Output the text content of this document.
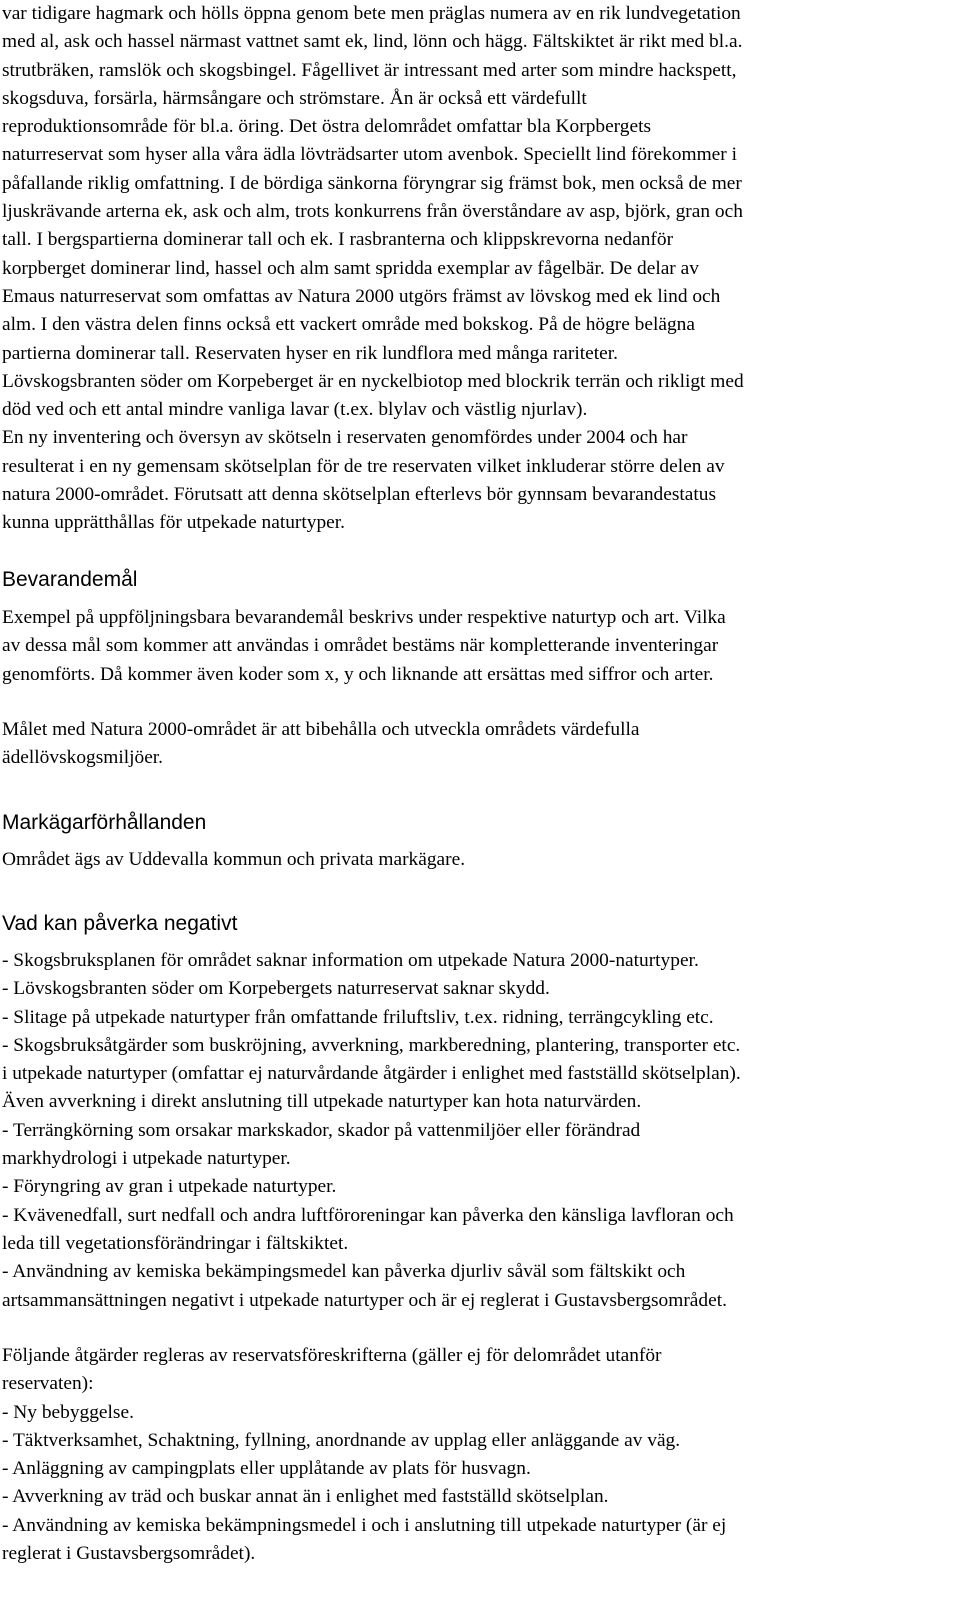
var tidigare hagmark och hölls öppna genom bete men präglas numera av en rik lundvegetation
med al, ask och hassel närmast vattnet samt ek, lind, lönn och hägg. Fältskiktet är rikt med bl.a.
strutbräken, ramslök och skogsbingel. Fågellivet är intressant med arter som mindre hackspett,
skogsduva, forsärla, härmsångare och strömstare. Ån är också ett värdefullt
reproduktionsområde för bl.a. öring. Det östra delområdet omfattar bla Korpbergets
naturreservat som hyser alla våra ädla lövträdsarter utom avenbok. Speciellt lind förekommer i
påfallande riklig omfattning. I de bördiga sänkorna föryngrar sig främst bok, men också de mer
ljuskrävande arterna ek, ask och alm, trots konkurrens från överståndare av asp, björk, gran och
tall. I bergspartierna dominerar tall och ek. I rasbranterna och klippskrevorna nedanför
korpberget dominerar lind, hassel och alm samt spridda exemplar av fågelbär. De delar av
Emaus naturreservat som omfattas av Natura 2000 utgörs främst av lövskog med ek lind och
alm. I den västra delen finns också ett vackert område med bokskog. På de högre belägna
partierna dominerar tall. Reservaten hyser en rik lundflora med många rariteter.
Lövskogsbranten söder om Korpeberget är en nyckelbiotop med blockrik terrän och rikligt med
död ved och ett antal mindre vanliga lavar (t.ex. blylav och västlig njurlav).
En ny inventering och översyn av skötseln i reservaten genomfördes under 2004 och har
resulterat i en ny gemensam skötselplan för de tre reservaten vilket inkluderar större delen av
natura 2000-området. Förutsatt att denna skötselplan efterlevs bör gynnsam bevarandestatus
kunna upprätthållas för utpekade naturtyper.
Bevarandemål
Exempel på uppföljningsbara bevarandemål beskrivs under respektive naturtyp och art. Vilka
av dessa mål som kommer att användas i området bestäms när kompletterande inventeringar
genomförts. Då kommer även koder som x, y och liknande att ersättas med siffror och arter.
Målet med Natura 2000-området är att bibehålla och utveckla områdets värdefulla
ädellövskogsmiljöer.
Markägarförhållanden
Området ägs av Uddevalla kommun och privata markägare.
Vad kan påverka negativt
- Skogsbruksplanen för området saknar information om utpekade Natura 2000-naturtyper.
- Lövskogsbranten söder om Korpebergets naturreservat saknar skydd.
- Slitage på utpekade naturtyper från omfattande friluftsliv, t.ex. ridning, terrängcykling etc.
- Skogsbruksåtgärder som buskröjning, avverkning, markberedning, plantering, transporter etc.
i utpekade naturtyper (omfattar ej naturvårdande åtgärder i enlighet med fastställd skötselplan).
Även avverkning i direkt anslutning till utpekade naturtyper kan hota naturvärden.
- Terrängkörning som orsakar markskador, skador på vattenmiljöer eller förändrad
markhydrologi i utpekade naturtyper.
- Föryngring av gran i utpekade naturtyper.
- Kvävenedfall, surt nedfall och andra luftföroreningar kan påverka den känsliga lavfloran och
leda till vegetationsförändringar i fältskiktet.
- Användning av kemiska bekämpingsmedel kan påverka djurliv såväl som fältskikt och
artsammansättningen negativt i utpekade naturtyper och är ej reglerat i Gustavsbergsområdet.
Följande åtgärder regleras av reservatsföreskrifterna (gäller ej för delområdet utanför
reservaten):
- Ny bebyggelse.
- Täktverksamhet, Schaktning, fyllning, anordnande av upplag eller anläggande av väg.
- Anläggning av campingplats eller upplåtande av plats för husvagn.
- Avverkning av träd och buskar annat än i enlighet med fastställd skötselplan.
- Användning av kemiska bekämpningsmedel i och i anslutning till utpekade naturtyper (är ej
reglerat i Gustavsbergsområdet).
